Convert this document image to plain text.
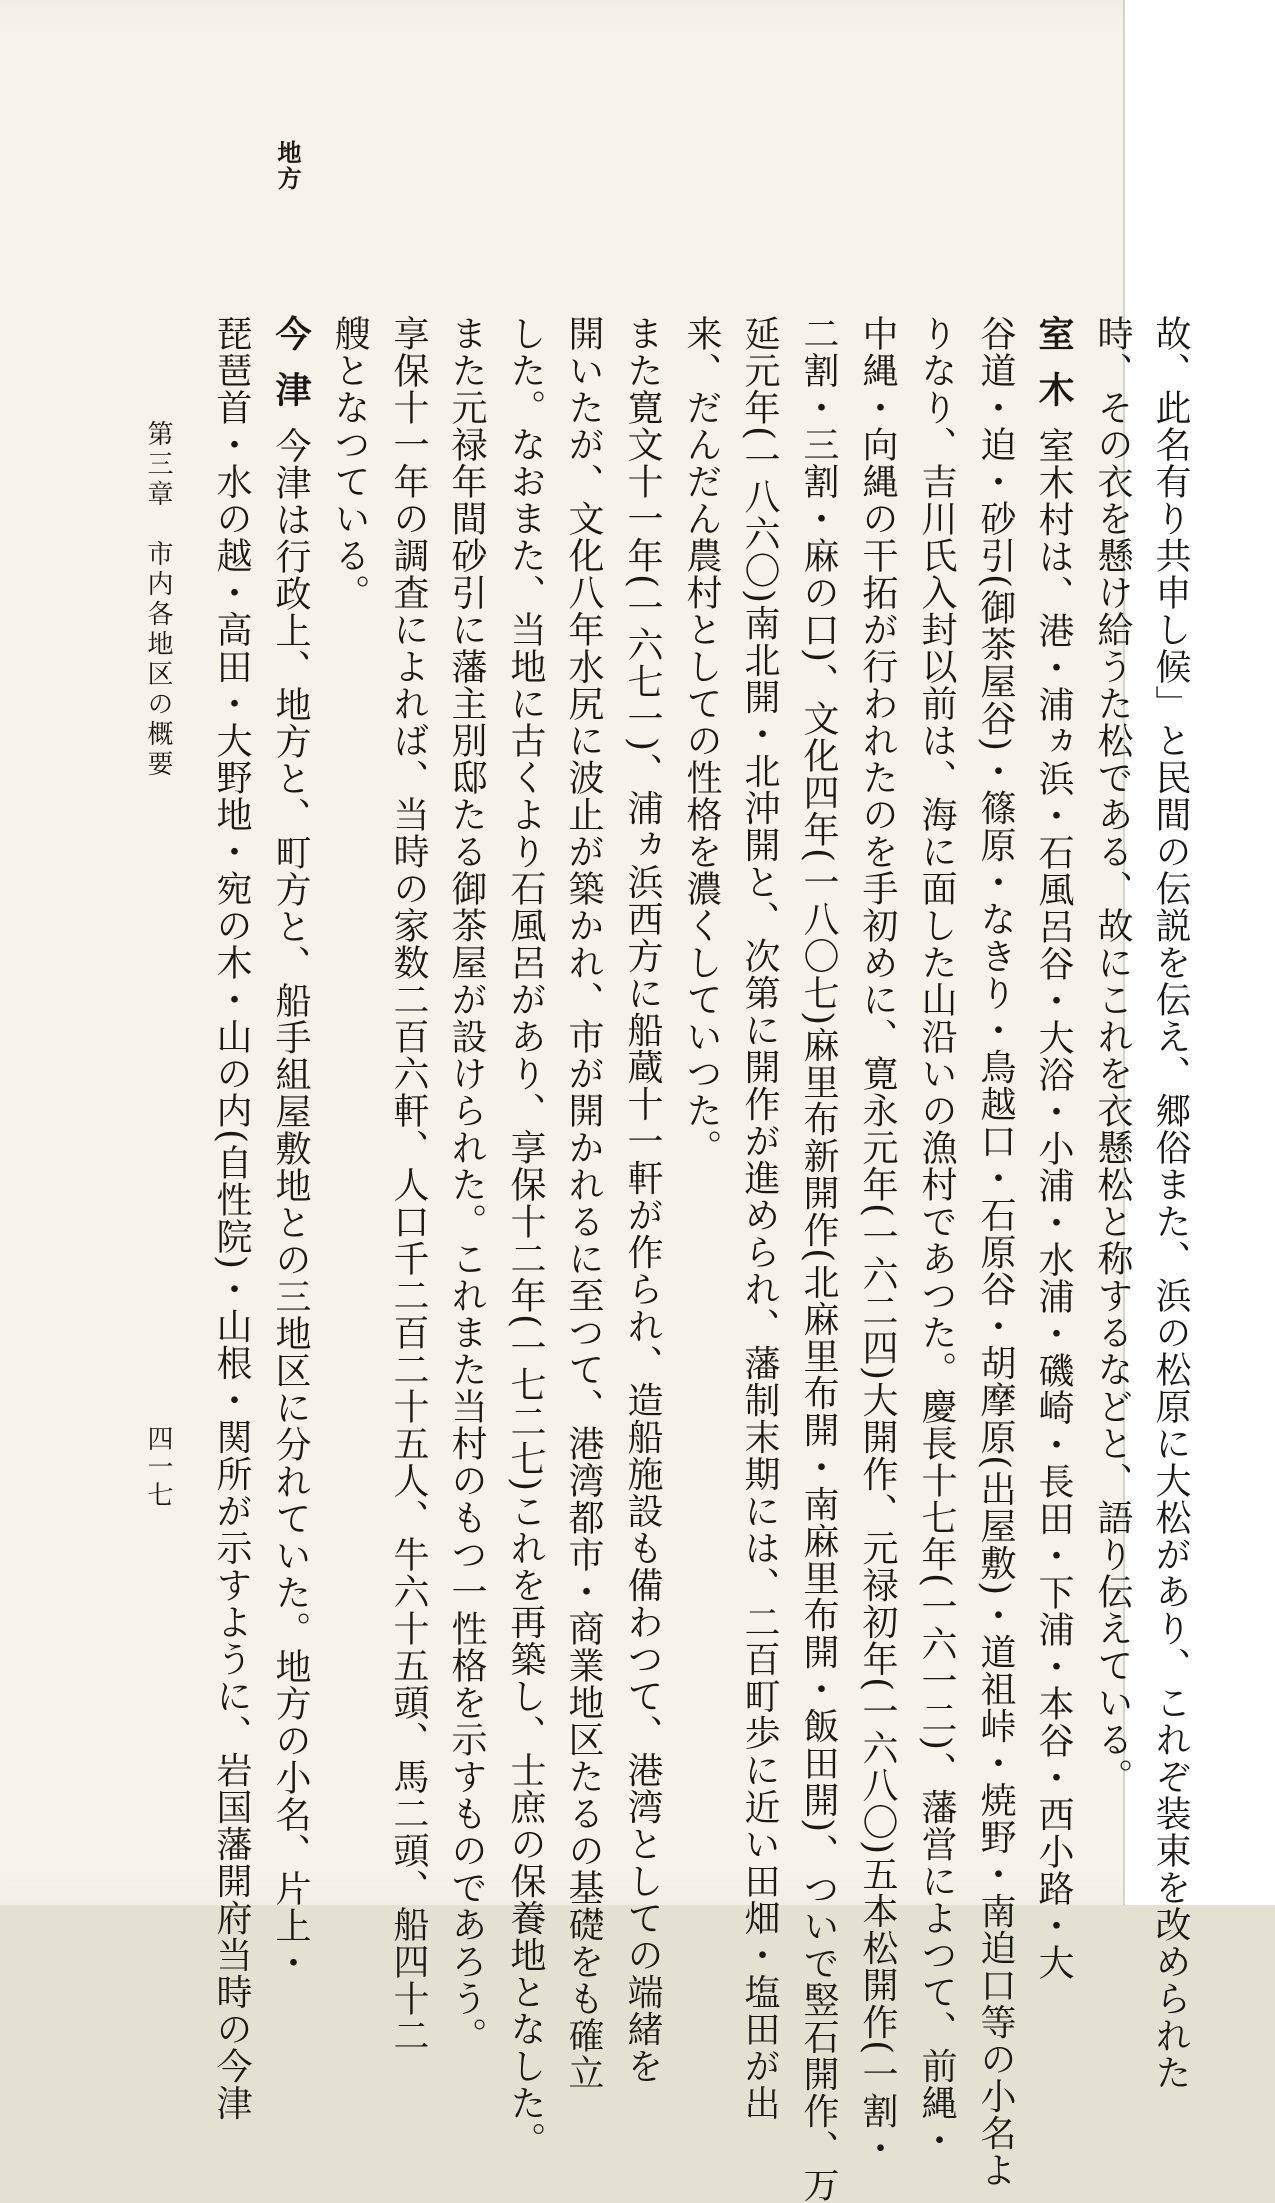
地方
故、此名有り共申し候」と民間の伝説を伝え、郷俗また、浜の松原に大松があり、これぞ装束を改められた
時、その衣を懸け給うた松である、故にこれを衣懸松と称するなどと、語り伝えている。
室木室木村は、港・浦ヵ浜・石風呂谷・大浴・小浦・水浦・磯崎・長田・下浦・本谷・西小路・大
谷道・迫・砂引(御茶屋谷)・篠原・なきり・鳥越口・石原谷・胡摩原(出屋敷)・道祖峠・焼野・南迫口等の小名よ
りなり、吉川氏入封以前は、海に面した山沿いの漁村であつた。慶長十七年(一六一二)、藩営によつて、前縄・
中縄・向縄の干拓が行われたのを手初めに、寛永元年(一六二四)大開作、元禄初年(一六八〇)五本松開作(一割・
二割・三割・麻の口)、文化四年(一八〇七)麻里布新開作(北麻里布開・南麻里布開・飯田開)、ついで竪石開作、万
延元年(一八六〇)南北開・北沖開と、次第に開作が進められ、藩制末期には、二百町歩に近い田畑・塩田が出
来、だんだん農村としての性格を濃くしていつた。
また寛文十一年(一六七一)、浦ヵ浜西方に船蔵十一軒が作られ、造船施設も備わつて、港湾としての端緒を
開いたが、文化八年水尻に波止が築かれ、市が開かれるに至つて、港湾都市・商業地区たるの基礎をも確立
した。なおまた、当地に古くより石風呂があり、享保十二年(一七二七)これを再築し、士庶の保養地となした。
また元禄年間砂引に藩主別邸たる御茶屋が設けられた。これまた当村のもつ一性格を示すものであろう。
享保十一年の調査によれば、当時の家数二百六軒、人口千二百二十五人、牛六十五頭、馬二頭、船四十二
艘となつている。
今津今津は行政上、地方と、町方と、船手組屋敷地との三地区に分れていた。地方の小名、片上・
琵琶首・水の越・高田・大野地・宛の木・山の内(自性院)・山根・関所が示すように、岩国藩開府当時の今津
第三章　市内各地区の概要
四一七
